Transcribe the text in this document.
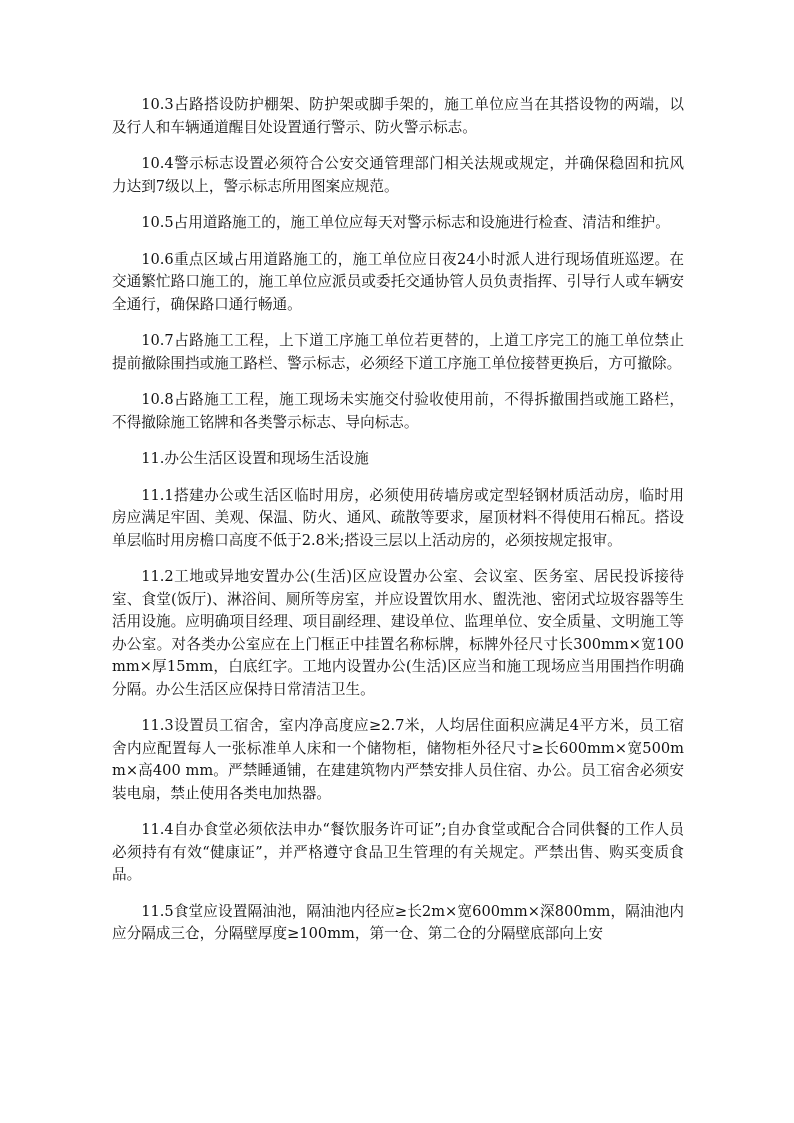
10.3占路搭设防护棚架、防护架或脚手架的，施工单位应当在其搭设物的两端，以及行人和车辆通道醒目处设置通行警示、防火警示标志。

10.4警示标志设置必须符合公安交通管理部门相关法规或规定，并确保稳固和抗风力达到7级以上，警示标志所用图案应规范。

10.5占用道路施工的，施工单位应每天对警示标志和设施进行检查、清洁和维护。

10.6重点区域占用道路施工的，施工单位应日夜24小时派人进行现场值班巡逻。在交通繁忙路口施工的，施工单位应派员或委托交通协管人员负责指挥、引导行人或车辆安全通行，确保路口通行畅通。

10.7占路施工工程，上下道工序施工单位若更替的，上道工序完工的施工单位禁止提前撤除围挡或施工路栏、警示标志，必须经下道工序施工单位接替更换后，方可撤除。

10.8占路施工工程，施工现场未实施交付验收使用前，不得拆撤围挡或施工路栏，不得撤除施工铭牌和各类警示标志、导向标志。

11.办公生活区设置和现场生活设施

11.1搭建办公或生活区临时用房，必须使用砖墙房或定型轻钢材质活动房，临时用房应满足牢固、美观、保温、防火、通风、疏散等要求，屋顶材料不得使用石棉瓦。搭设单层临时用房檐口高度不低于2.8米;搭设三层以上活动房的，必须按规定报审。

11.2工地或异地安置办公(生活)区应设置办公室、会议室、医务室、居民投诉接待室、食堂(饭厅)、淋浴间、厕所等房室，并应设置饮用水、盥洗池、密闭式垃圾容器等生活用设施。应明确项目经理、项目副经理、建设单位、监理单位、安全质量、文明施工等办公室。对各类办公室应在上门框正中挂置名称标牌，标牌外径尺寸长300mm×宽100mm×厚15mm，白底红字。工地内设置办公(生活)区应当和施工现场应当用围挡作明确分隔。办公生活区应保持日常清洁卫生。

11.3设置员工宿舍，室内净高度应≥2.7米，人均居住面积应满足4平方米，员工宿舍内应配置每人一张标准单人床和一个储物柜，储物柜外径尺寸≥长600mm×宽500mm×高400 mm。严禁睡通铺，在建建筑物内严禁安排人员住宿、办公。员工宿舍必须安装电扇，禁止使用各类电加热器。

11.4自办食堂必须依法申办“餐饮服务许可证”;自办食堂或配合合同供餐的工作人员必须持有有效“健康证”，并严格遵守食品卫生管理的有关规定。严禁出售、购买变质食品。

11.5食堂应设置隔油池，隔油池内径应≥长2m×宽600mm×深800mm，隔油池内应分隔成三仓，分隔壁厚度≥100mm，第一仓、第二仓的分隔壁底部向上安
